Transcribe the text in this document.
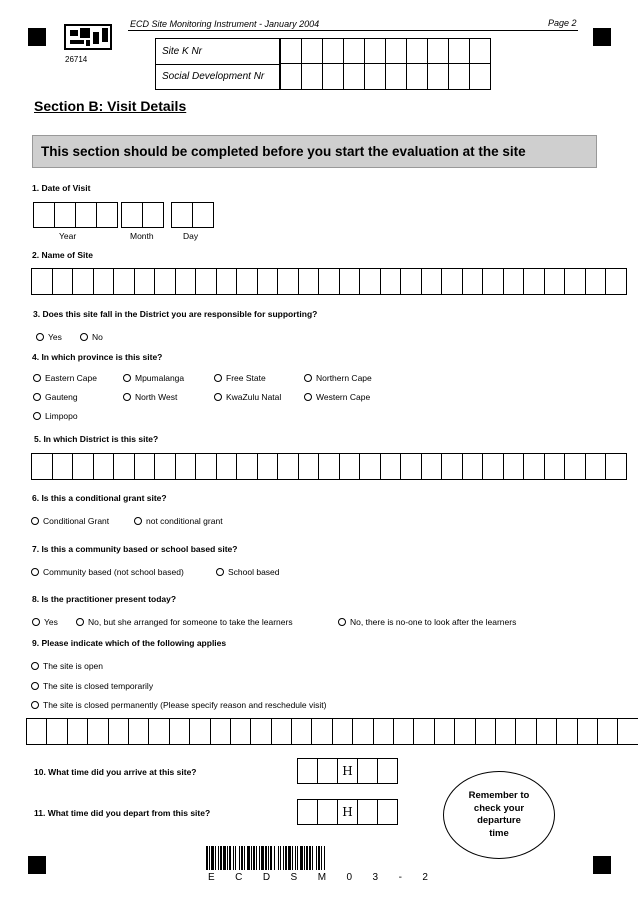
ECD Site Monitoring Instrument - January 2004	Page 2
26714
Site K Nr
Social Development Nr
Section B: Visit Details
This section should be completed before you start the evaluation at the site
1. Date of Visit
Year	Month	Day
2. Name of Site
3. Does this site fall in the District you are responsible for supporting?
Yes	No
4. In which province is this site?
Eastern Cape	Mpumalanga	Free State	Northern Cape
Gauteng	North West	KwaZulu Natal	Western Cape
Limpopo
5. In which District is this site?
6. Is this a conditional grant site?
Conditional Grant	not conditional grant
7. Is this a community based or school based site?
Community based (not school based)	School based
8. Is the practitioner present today?
Yes	No, but she arranged for someone to take the learners	No, there is no-one to look after the learners
9. Please indicate which of the following applies
The site is open
The site is closed temporarily
The site is closed permanently (Please specify reason and reschedule visit)
10. What time did you arrive at this site?	H
11. What time did you depart from this site?	H
Remember to
check your
departure
time
E C D S M 0 3 - 2
